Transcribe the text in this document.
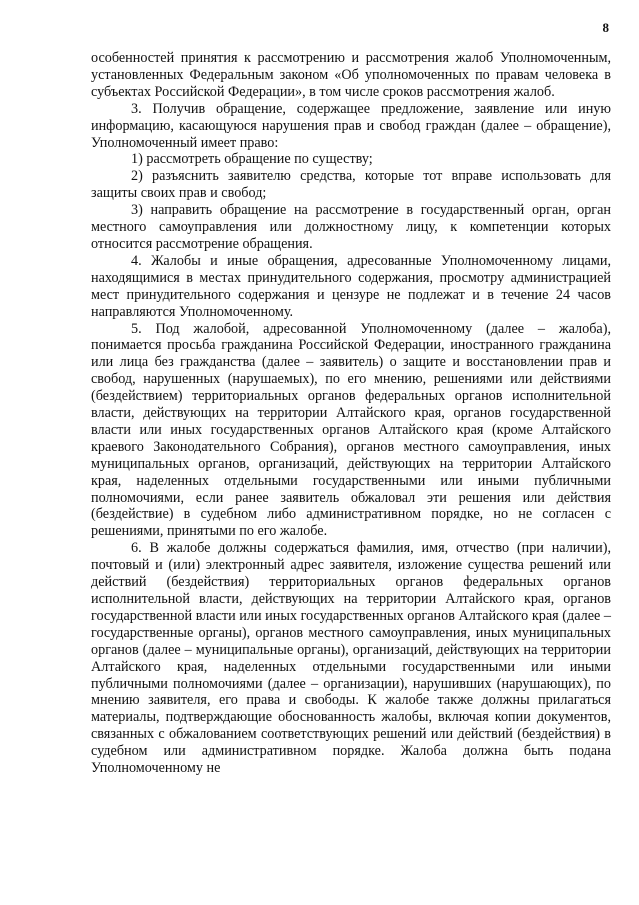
8

особенностей принятия к рассмотрению и рассмотрения жалоб Уполномоченным, установленных Федеральным законом «Об уполномоченных по правам человека в субъектах Российской Федерации», в том числе сроков рассмотрения жалоб.

3. Получив обращение, содержащее предложение, заявление или иную информацию, касающуюся нарушения прав и свобод граждан (далее – обращение), Уполномоченный имеет право:

1) рассмотреть обращение по существу;

2) разъяснить заявителю средства, которые тот вправе использовать для защиты своих прав и свобод;

3) направить обращение на рассмотрение в государственный орган, орган местного самоуправления или должностному лицу, к компетенции которых относится рассмотрение обращения.

4. Жалобы и иные обращения, адресованные Уполномоченному лицами, находящимися в местах принудительного содержания, просмотру администрацией мест принудительного содержания и цензуре не подлежат и в течение 24 часов направляются Уполномоченному.

5. Под жалобой, адресованной Уполномоченному (далее – жалоба), понимается просьба гражданина Российской Федерации, иностранного гражданина или лица без гражданства (далее – заявитель) о защите и восстановлении прав и свобод, нарушенных (нарушаемых), по его мнению, решениями или действиями (бездействием) территориальных органов федеральных органов исполнительной власти, действующих на территории Алтайского края, органов государственной власти или иных государственных органов Алтайского края (кроме Алтайского краевого Законодательного Собрания), органов местного самоуправления, иных муниципальных органов, организаций, действующих на территории Алтайского края, наделенных отдельными государственными или иными публичными полномочиями, если ранее заявитель обжаловал эти решения или действия (бездействие) в судебном либо административном порядке, но не согласен с решениями, принятыми по его жалобе.

6. В жалобе должны содержаться фамилия, имя, отчество (при наличии), почтовый и (или) электронный адрес заявителя, изложение существа решений или действий (бездействия) территориальных органов федеральных органов исполнительной власти, действующих на территории Алтайского края, органов государственной власти или иных государственных органов Алтайского края (далее – государственные органы), органов местного самоуправления, иных муниципальных органов (далее – муниципальные органы), организаций, действующих на территории Алтайского края, наделенных отдельными государственными или иными публичными полномочиями (далее – организации), нарушивших (нарушающих), по мнению заявителя, его права и свободы. К жалобе также должны прилагаться материалы, подтверждающие обоснованность жалобы, включая копии документов, связанных с обжалованием соответствующих решений или действий (бездействия) в судебном или административном порядке. Жалоба должна быть подана Уполномоченному не
